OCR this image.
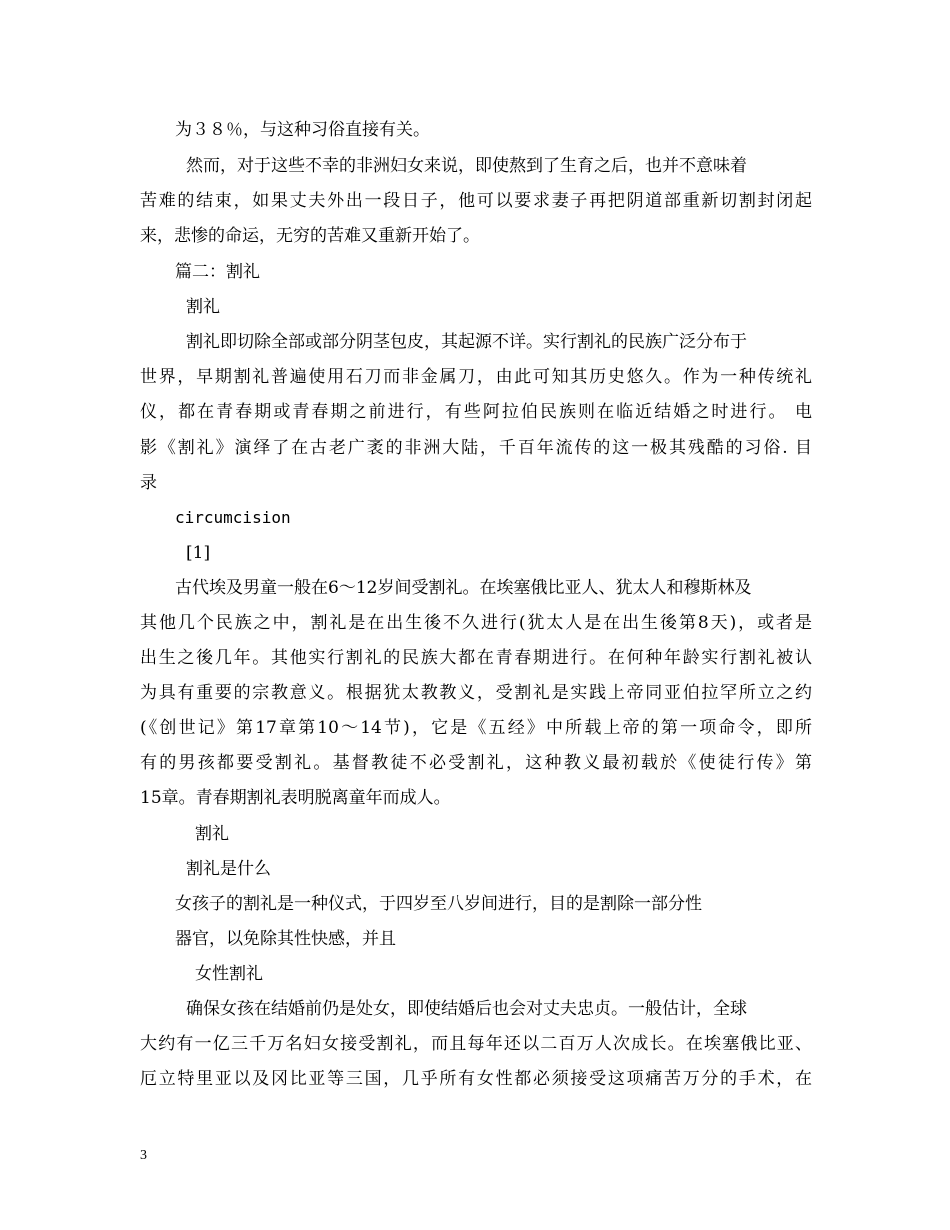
为３８％，与这种习俗直接有关。
然而，对于这些不幸的非洲妇女来说，即使熬到了生育之后，也并不意味着
苦难的结束，如果丈夫外出一段日子，他可以要求妻子再把阴道部重新切割封闭起
来，悲惨的命运，无穷的苦难又重新开始了。
篇二：割礼
割礼
割礼即切除全部或部分阴茎包皮，其起源不详。实行割礼的民族广泛分布于
世界，早期割礼普遍使用石刀而非金属刀，由此可知其历史悠久。作为一种传统礼
仪，都在青春期或青春期之前进行，有些阿拉伯民族则在临近结婚之时进行。 电
影《割礼》演绎了在古老广袤的非洲大陆，千百年流传的这一极其残酷的习俗. 目
录
circumcision
[1]
古代埃及男童一般在6～12岁间受割礼。在埃塞俄比亚人、犹太人和穆斯林及
其他几个民族之中，割礼是在出生後不久进行(犹太人是在出生後第8天)，或者是
出生之後几年。其他实行割礼的民族大都在青春期进行。在何种年龄实行割礼被认
为具有重要的宗教意义。根据犹太教教义，受割礼是实践上帝同亚伯拉罕所立之约
(《创世记》第17章第10～14节)，它是《五经》中所载上帝的第一项命令，即所
有的男孩都要受割礼。基督教徒不必受割礼，这种教义最初载於《使徒行传》第
15章。青春期割礼表明脱离童年而成人。
割礼
割礼是什么
女孩子的割礼是一种仪式，于四岁至八岁间进行，目的是割除一部分性
器官，以免除其性快感，并且
女性割礼
确保女孩在结婚前仍是处女，即使结婚后也会对丈夫忠贞。一般估计，全球
大约有一亿三千万名妇女接受割礼，而且每年还以二百万人次成长。在埃塞俄比亚、
厄立特里亚以及冈比亚等三国，几乎所有女性都必须接受这项痛苦万分的手术，在
3
